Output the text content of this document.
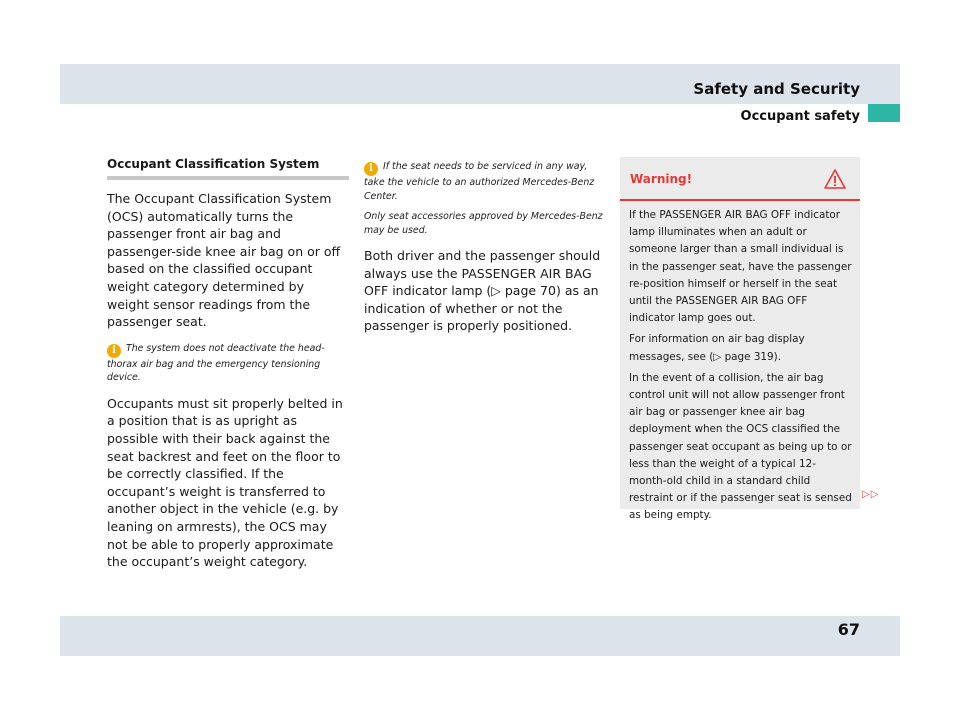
Safety and Security
Occupant safety

Occupant Classification System

The Occupant Classification System (OCS) automatically turns the passenger front air bag and passenger-side knee air bag on or off based on the classified occupant weight category determined by weight sensor readings from the passenger seat.

i The system does not deactivate the head-thorax air bag and the emergency tensioning device.

Occupants must sit properly belted in a position that is as upright as possible with their back against the seat backrest and feet on the floor to be correctly classified. If the occupant’s weight is transferred to another object in the vehicle (e.g. by leaning on armrests), the OCS may not be able to properly approximate the occupant’s weight category.

i If the seat needs to be serviced in any way, take the vehicle to an authorized Mercedes-Benz Center.

Only seat accessories approved by Mercedes-Benz may be used.

Both driver and the passenger should always use the PASSENGER AIR BAG OFF indicator lamp (▷ page 70) as an indication of whether or not the passenger is properly positioned.

Warning!

If the PASSENGER AIR BAG OFF indicator lamp illuminates when an adult or someone larger than a small individual is in the passenger seat, have the passenger re-position himself or herself in the seat until the PASSENGER AIR BAG OFF indicator lamp goes out.

For information on air bag display messages, see (▷ page 319).

In the event of a collision, the air bag control unit will not allow passenger front air bag or passenger knee air bag deployment when the OCS classified the passenger seat occupant as being up to or less than the weight of a typical 12-month-old child in a standard child restraint or if the passenger seat is sensed as being empty.

▷▷
67
